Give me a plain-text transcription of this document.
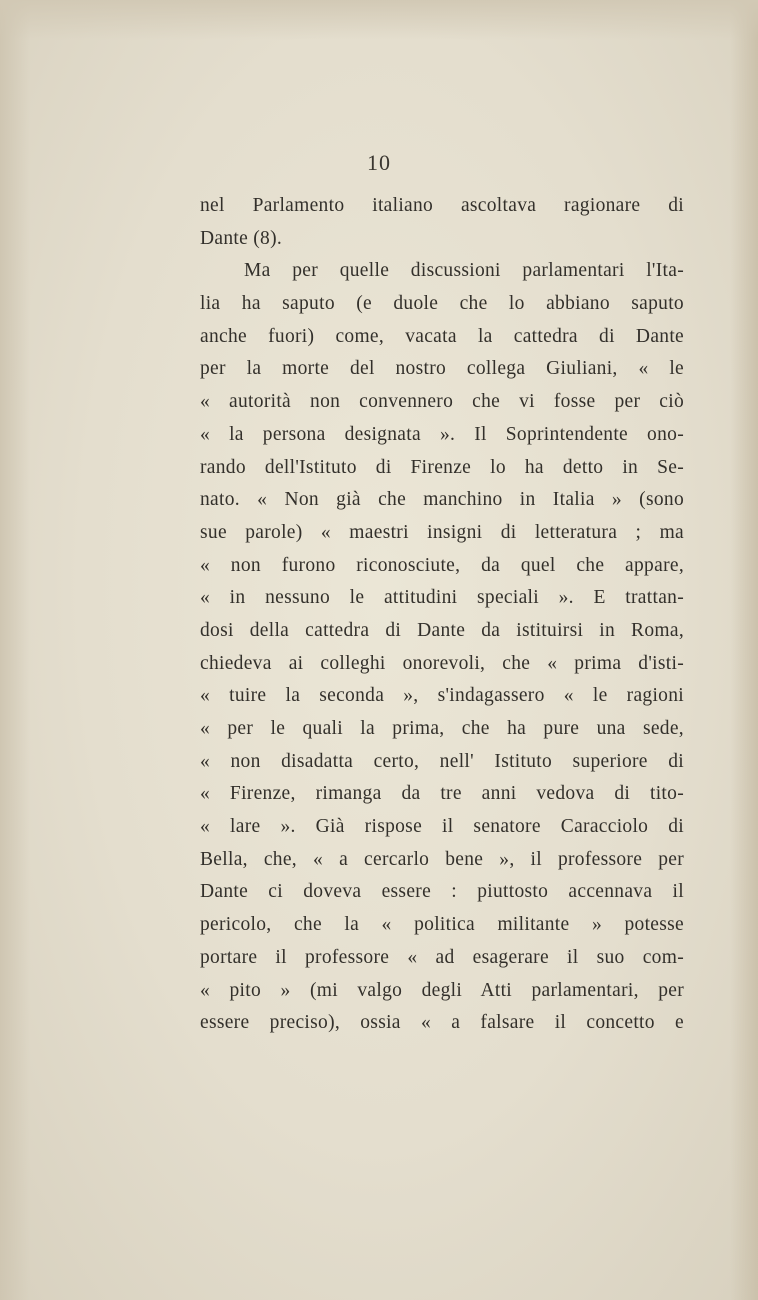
10
nel Parlamento italiano ascoltava ragionare di
Dante (8).
Ma per quelle discussioni parlamentari l'Ita-
lia ha saputo (e duole che lo abbiano saputo
anche fuori) come, vacata la cattedra di Dante
per la morte del nostro collega Giuliani, « le
« autorità non convennero che vi fosse per ciò
« la persona designata ». Il Soprintendente ono-
rando dell'Istituto di Firenze lo ha detto in Se-
nato. « Non già che manchino in Italia » (sono
sue parole) « maestri insigni di letteratura ; ma
« non furono riconosciute, da quel che appare,
« in nessuno le attitudini speciali ». E trattan-
dosi della cattedra di Dante da istituirsi in Roma,
chiedeva ai colleghi onorevoli, che « prima d'isti-
« tuire la seconda », s'indagassero « le ragioni
« per le quali la prima, che ha pure una sede,
« non disadatta certo, nell' Istituto superiore di
« Firenze, rimanga da tre anni vedova di tito-
« lare ». Già rispose il senatore Caracciolo di
Bella, che, « a cercarlo bene », il professore per
Dante ci doveva essere : piuttosto accennava il
pericolo, che la « politica militante » potesse
portare il professore « ad esagerare il suo com-
« pito » (mi valgo degli Atti parlamentari, per
essere preciso), ossia « a falsare il concetto e
